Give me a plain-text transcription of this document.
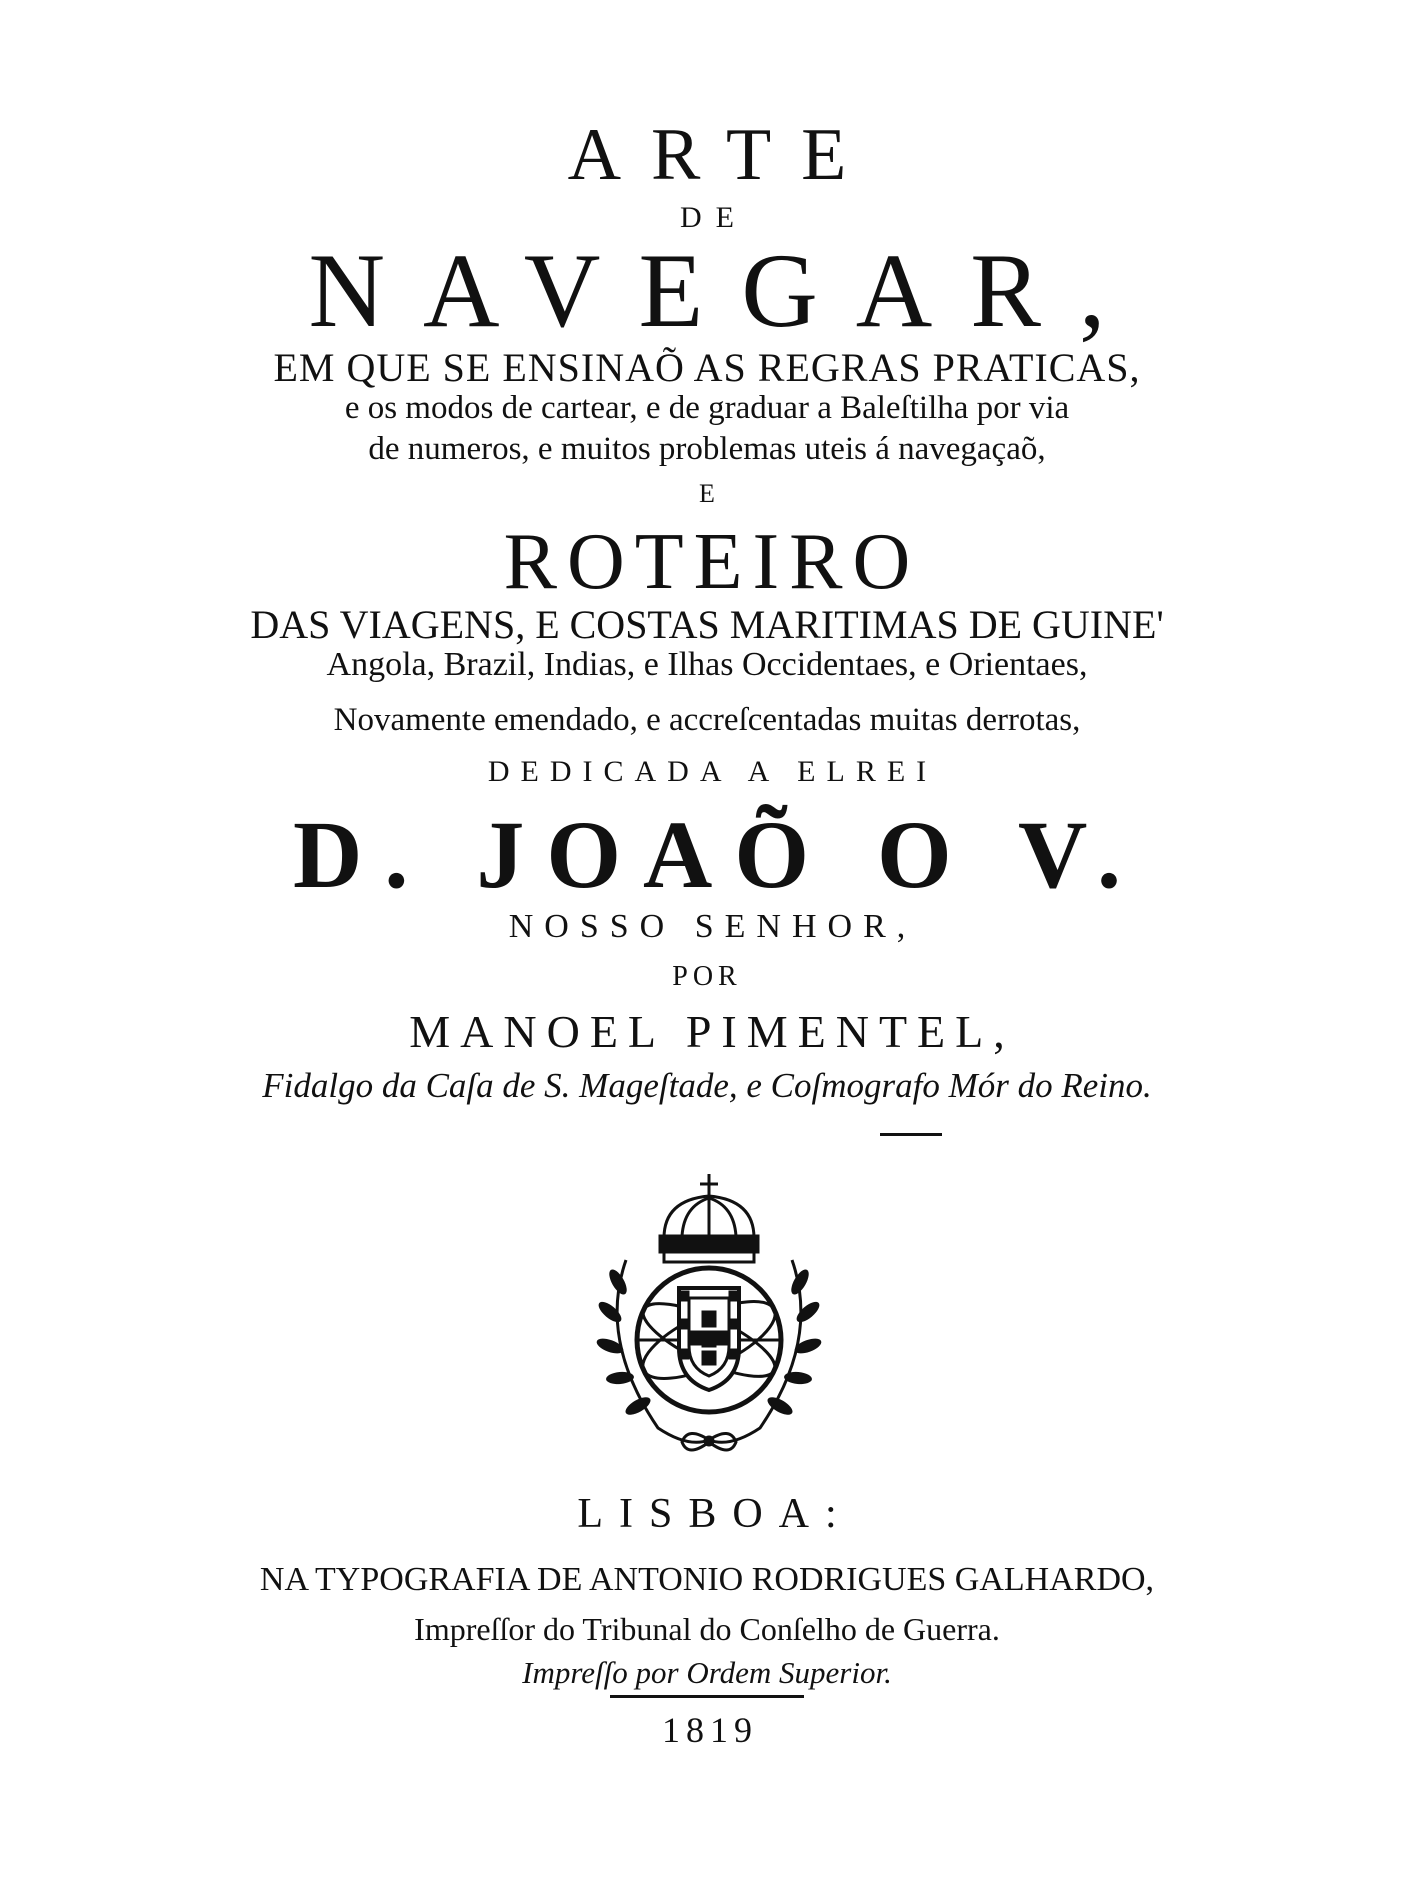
ARTE
DE
NAVEGAR,
EM QUE SE ENSINAÕ AS REGRAS PRATICAS,
e os modos de cartear, e de graduar a Baleſtilha por via
de numeros, e muitos problemas uteis á navegaçaõ,
E
ROTEIRO
DAS VIAGENS, E COSTAS MARITIMAS DE GUINE'
Angola, Brazil, Indias, e Ilhas Occidentaes, e Orientaes,
Novamente emendado, e accreſcentadas muitas derrotas,
DEDICADA A ELREI
D. JOAÕ O V.
NOSSO SENHOR,
POR
MANOEL PIMENTEL,
Fidalgo da Caſa de S. Mageſtade, e Coſmografo Mór do Reino.
LISBOA:
NA TYPOGRAFIA DE ANTONIO RODRIGUES GALHARDO,
Impreſſor do Tribunal do Conſelho de Guerra.
Impreſſo por Ordem Superior.
1819
